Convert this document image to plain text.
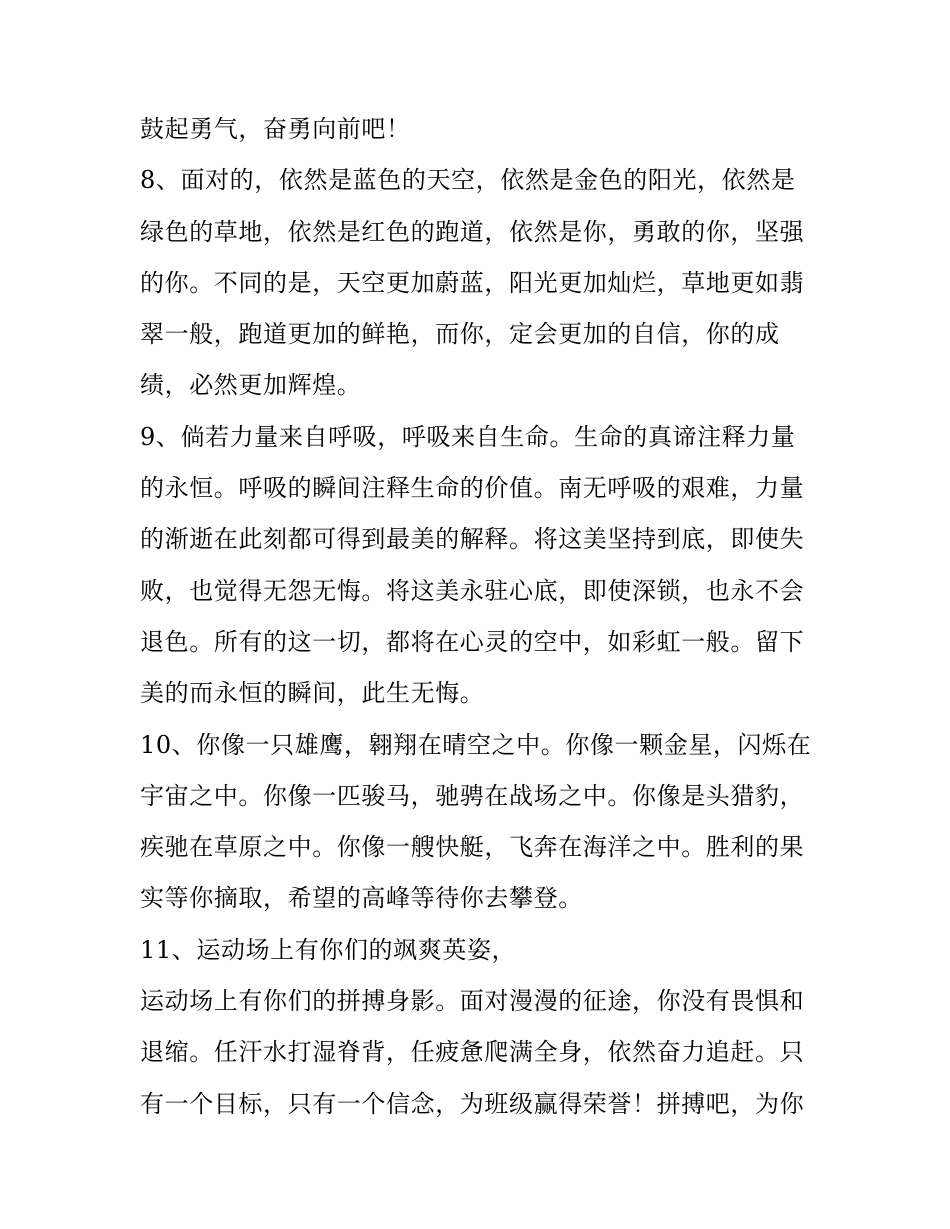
鼓起勇气，奋勇向前吧！
8、面对的，依然是蓝色的天空，依然是金色的阳光，依然是
绿色的草地，依然是红色的跑道，依然是你，勇敢的你，坚强
的你。不同的是，天空更加蔚蓝，阳光更加灿烂，草地更如翡
翠一般，跑道更加的鲜艳，而你，定会更加的自信，你的成
绩，必然更加辉煌。
9、倘若力量来自呼吸，呼吸来自生命。生命的真谛注释力量
的永恒。呼吸的瞬间注释生命的价值。南无呼吸的艰难，力量
的渐逝在此刻都可得到最美的解释。将这美坚持到底，即使失
败，也觉得无怨无悔。将这美永驻心底，即使深锁，也永不会
退色。所有的这一切，都将在心灵的空中，如彩虹一般。留下
美的而永恒的瞬间，此生无悔。
10、你像一只雄鹰，翱翔在晴空之中。你像一颗金星，闪烁在
宇宙之中。你像一匹骏马，驰骋在战场之中。你像是头猎豹，
疾驰在草原之中。你像一艘快艇，飞奔在海洋之中。胜利的果
实等你摘取，希望的高峰等待你去攀登。
11、运动场上有你们的飒爽英姿，
运动场上有你们的拼搏身影。面对漫漫的征途，你没有畏惧和
退缩。任汗水打湿脊背，任疲惫爬满全身，依然奋力追赶。只
有一个目标，只有一个信念，为班级赢得荣誉！拼搏吧，为你
